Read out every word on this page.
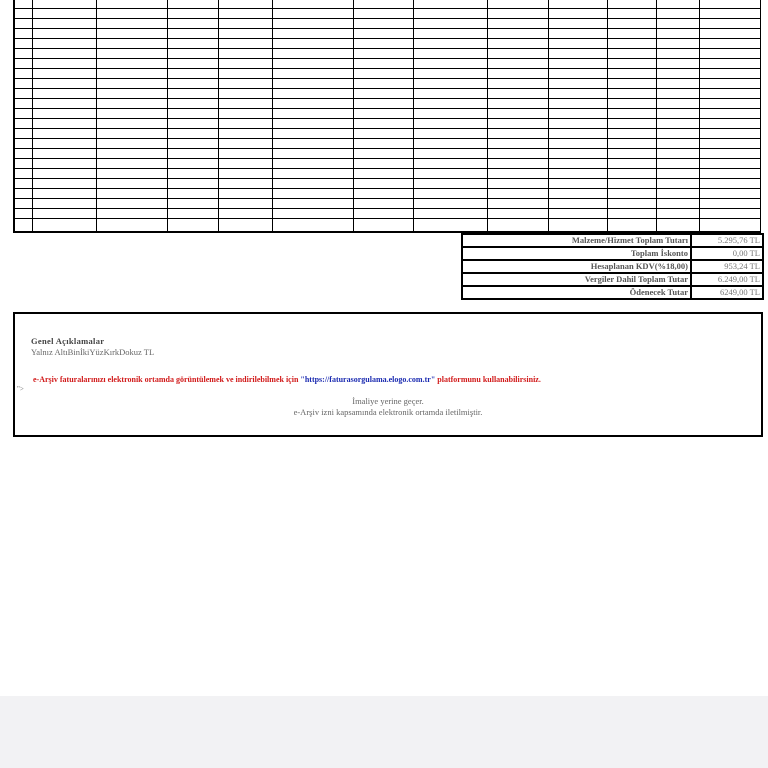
Malzeme/Hizmet Toplam Tutarı	5.295,76 TL
Toplam İskonto	0,00 TL
Hesaplanan KDV(%18,00)	953,24 TL
Vergiler Dahil Toplam Tutar	6.249,00 TL
Ödenecek Tutar	6249,00 TL
Genel Açıklamalar
Yalnız AltıBinİkiYüzKırkDokuz TL
e-Arşiv faturalarınızı elektronik ortamda görüntülemek ve indirilebilmek için "https://faturasorgulama.elogo.com.tr" platformunu kullanabilirsiniz.
">
İmaliye yerine geçer.
e-Arşiv izni kapsamında elektronik ortamda iletilmiştir.
